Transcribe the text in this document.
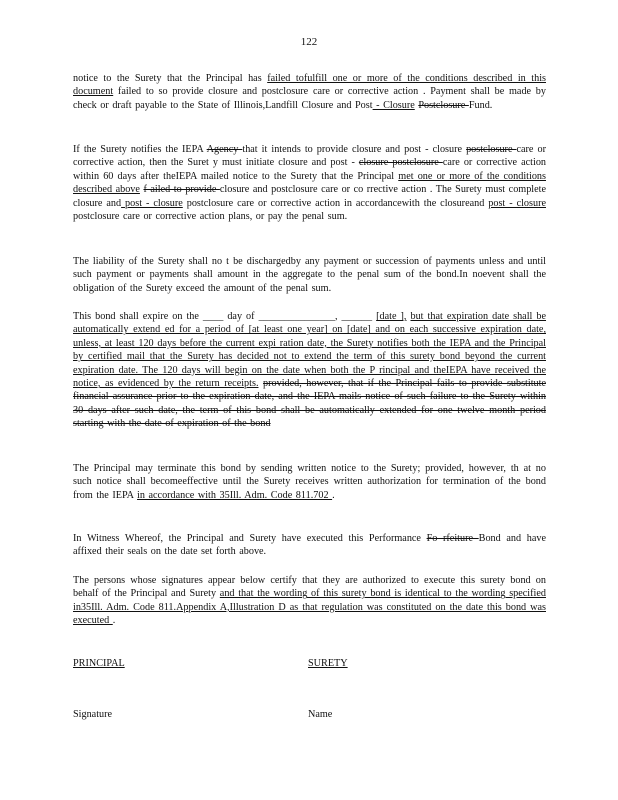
122
notice to the Surety that the Principal has failed tofulfill one or more of the conditions described in this document failed to so provide closure and postclosure care or corrective action . Payment shall be made by check or draft payable to the State of Illinois,Landfill Closure and Post - Closure Postclosure Fund.
If the Surety notifies the IEPA Agency that it intends to provide closure and post - closure postclosure care or corrective action, then the Suret y must initiate closure and post - closure postclosure care or corrective action within 60 days after theIEPA mailed notice to the Surety that the Principal met one or more of the conditions described above f ailed to provide closure and postclosure care or co rrective action . The Surety must complete closure and post - closure postclosure care or corrective action in accordancewith the closureand post - closure postclosure care or corrective action plans, or pay the penal sum.
The liability of the Surety shall no t be dischargedby any payment or succession of payments unless and until such payment or payments shall amount in the aggregate to the penal sum of the bond.In noevent shall the obligation of the Surety exceed the amount of the penal sum.
This bond shall expire on the ____ day of _______________, ______ [date ], but that expiration date shall be automatically extend ed for a period of [at least one year] on [date] and on each successive expiration date, unless, at least 120 days before the current expi ration date, the Surety notifies both the IEPA and the Principal by certified mail that the Surety has decided not to extend the term of this surety bond beyond the current expiration date. The 120 days will begin on the date when both the P rincipal and theIEPA have received the notice, as evidenced by the return receipts. provided, however, that if the Principal fails to provide substitute financial assurance prior to the expiration date, and the IEPA mails notice of such failure to the Surety within 30 days after such date, the term of this bond shall be automatically extended for one twelve month period starting with the date of expiration of the bond
The Principal may terminate this bond by sending written notice to the Surety; provided, however, th at no such notice shall becomeeffective until the Surety receives written authorization for termination of the bond from the IEPA in accordance with 35Ill. Adm. Code 811.702 .
In Witness Whereof, the Principal and Surety have executed this Performance Fo rfeiture Bond and have affixed their seals on the date set forth above.
The persons whose signatures appear below certify that they are authorized to execute this surety bond on behalf of the Principal and Surety and that the wording of this surety bond is identical to the wording specified in35Ill. Adm. Code 811.Appendix A,Illustration D as that regulation was constituted on the date this bond was executed .
PRINCIPAL	SURETY
Signature	Name
